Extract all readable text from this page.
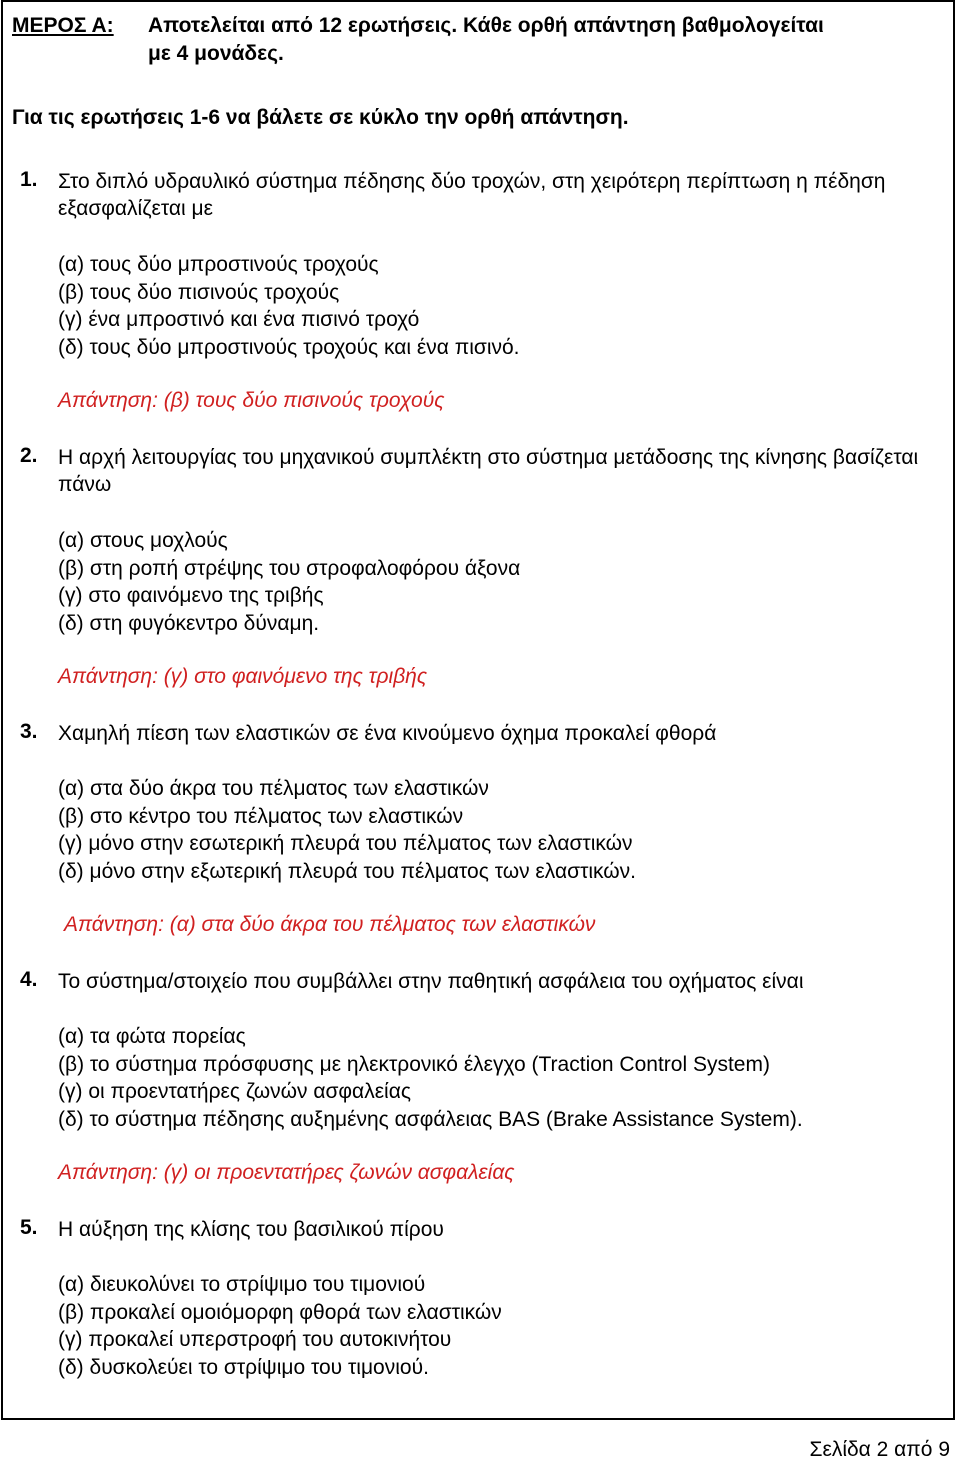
ΜΕΡΟΣ Α: Αποτελείται από 12 ερωτήσεις. Κάθε ορθή απάντηση βαθμολογείται
με 4 μονάδες.
Για τις ερωτήσεις 1-6 να βάλετε σε κύκλο την ορθή απάντηση.
1. Στο διπλό υδραυλικό σύστημα πέδησης δύο τροχών, στη χειρότερη περίπτωση η πέδηση εξασφαλίζεται με
(α) τους δύο μπροστινούς τροχούς
(β) τους δύο πισινούς τροχούς
(γ) ένα μπροστινό και ένα πισινό τροχό
(δ) τους δύο μπροστινούς τροχούς και ένα πισινό.
Απάντηση: (β) τους δύο πισινούς τροχούς
2. Η αρχή λειτουργίας του μηχανικού συμπλέκτη στο σύστημα μετάδοσης της κίνησης βασίζεται πάνω
(α) στους μοχλούς
(β) στη ροπή στρέψης του στροφαλοφόρου άξονα
(γ) στο φαινόμενο της τριβής
(δ) στη φυγόκεντρο δύναμη.
Απάντηση: (γ) στο φαινόμενο της τριβής
3. Χαμηλή πίεση των ελαστικών σε ένα κινούμενο όχημα προκαλεί φθορά
(α) στα δύο άκρα του πέλματος των ελαστικών
(β) στο κέντρο του πέλματος των ελαστικών
(γ) μόνο στην εσωτερική πλευρά του πέλματος των ελαστικών
(δ) μόνο στην εξωτερική πλευρά του πέλματος των ελαστικών.
Απάντηση: (α) στα δύο άκρα του πέλματος των ελαστικών
4. Το σύστημα/στοιχείο που συμβάλλει στην παθητική ασφάλεια του οχήματος είναι
(α) τα φώτα πορείας
(β) το σύστημα πρόσφυσης με ηλεκτρονικό έλεγχο (Traction Control System)
(γ) οι προεντατήρες ζωνών ασφαλείας
(δ) το σύστημα πέδησης αυξημένης ασφάλειας BAS (Brake Assistance System).
Απάντηση: (γ) οι προεντατήρες ζωνών ασφαλείας
5. Η αύξηση της κλίσης του βασιλικού πίρου
(α) διευκολύνει το στρίψιμο του τιμονιού
(β) προκαλεί ομοιόμορφη φθορά των ελαστικών
(γ) προκαλεί υπερστροφή του αυτοκινήτου
(δ) δυσκολεύει το στρίψιμο του τιμονιού.
Σελίδα 2 από 9
